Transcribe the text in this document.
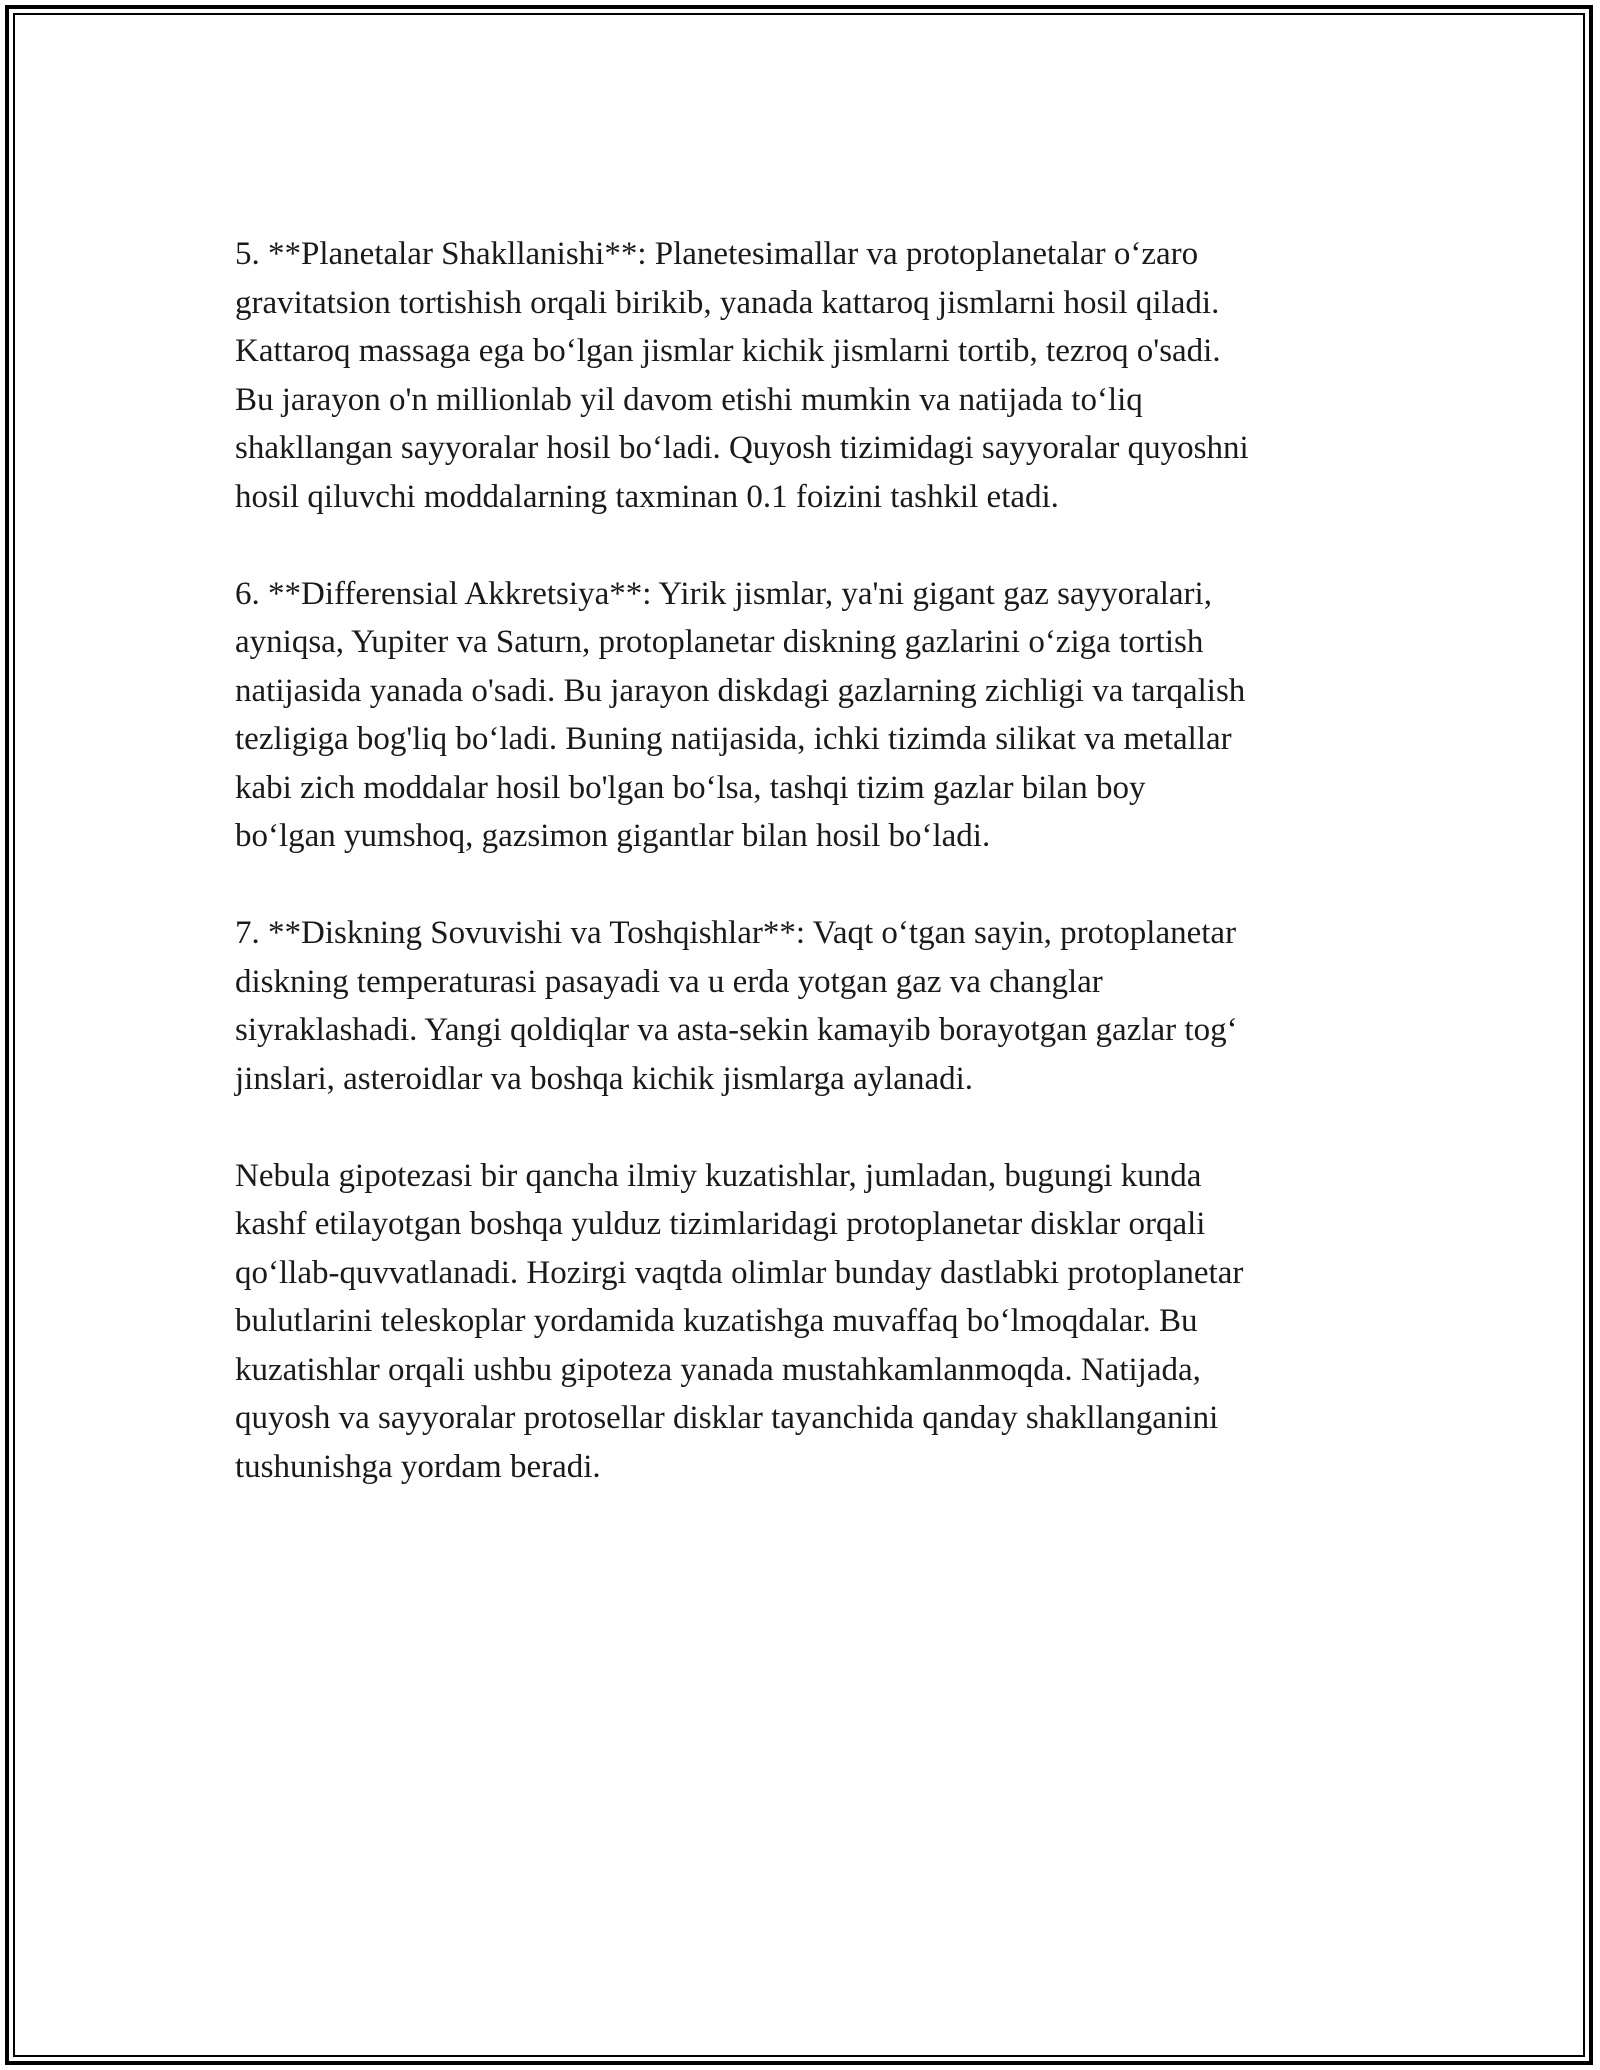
5. **Planetalar Shakllanishi**: Planetesimallar va protoplanetalar o‘zaro
gravitatsion tortishish orqali birikib, yanada kattaroq jismlarni hosil qiladi.
Kattaroq massaga ega bo‘lgan jismlar kichik jismlarni tortib, tezroq o'sadi.
Bu jarayon o'n millionlab yil davom etishi mumkin va natijada to‘liq
shakllangan sayyoralar hosil bo‘ladi. Quyosh tizimidagi sayyoralar quyoshni
hosil qiluvchi moddalarning taxminan 0.1 foizini tashkil etadi.

6. **Differensial Akkretsiya**: Yirik jismlar, ya'ni gigant gaz sayyoralari,
ayniqsa, Yupiter va Saturn, protoplanetar diskning gazlarini o‘ziga tortish
natijasida yanada o'sadi. Bu jarayon diskdagi gazlarning zichligi va tarqalish
tezligiga bog'liq bo‘ladi. Buning natijasida, ichki tizimda silikat va metallar
kabi zich moddalar hosil bo'lgan bo‘lsa, tashqi tizim gazlar bilan boy
bo‘lgan yumshoq, gazsimon gigantlar bilan hosil bo‘ladi.

7. **Diskning Sovuvishi va Toshqishlar**: Vaqt o‘tgan sayin, protoplanetar
diskning temperaturasi pasayadi va u erda yotgan gaz va changlar
siyraklashadi. Yangi qoldiqlar va asta-sekin kamayib borayotgan gazlar tog‘
jinslari, asteroidlar va boshqa kichik jismlarga aylanadi.

Nebula gipotezasi bir qancha ilmiy kuzatishlar, jumladan, bugungi kunda
kashf etilayotgan boshqa yulduz tizimlaridagi protoplanetar disklar orqali
qo‘llab-quvvatlanadi. Hozirgi vaqtda olimlar bunday dastlabki protoplanetar
bulutlarini teleskoplar yordamida kuzatishga muvaffaq bo‘lmoqdalar. Bu
kuzatishlar orqali ushbu gipoteza yanada mustahkamlanmoqda. Natijada,
quyosh va sayyoralar protosellar disklar tayanchida qanday shakllanganini
tushunishga yordam beradi.
